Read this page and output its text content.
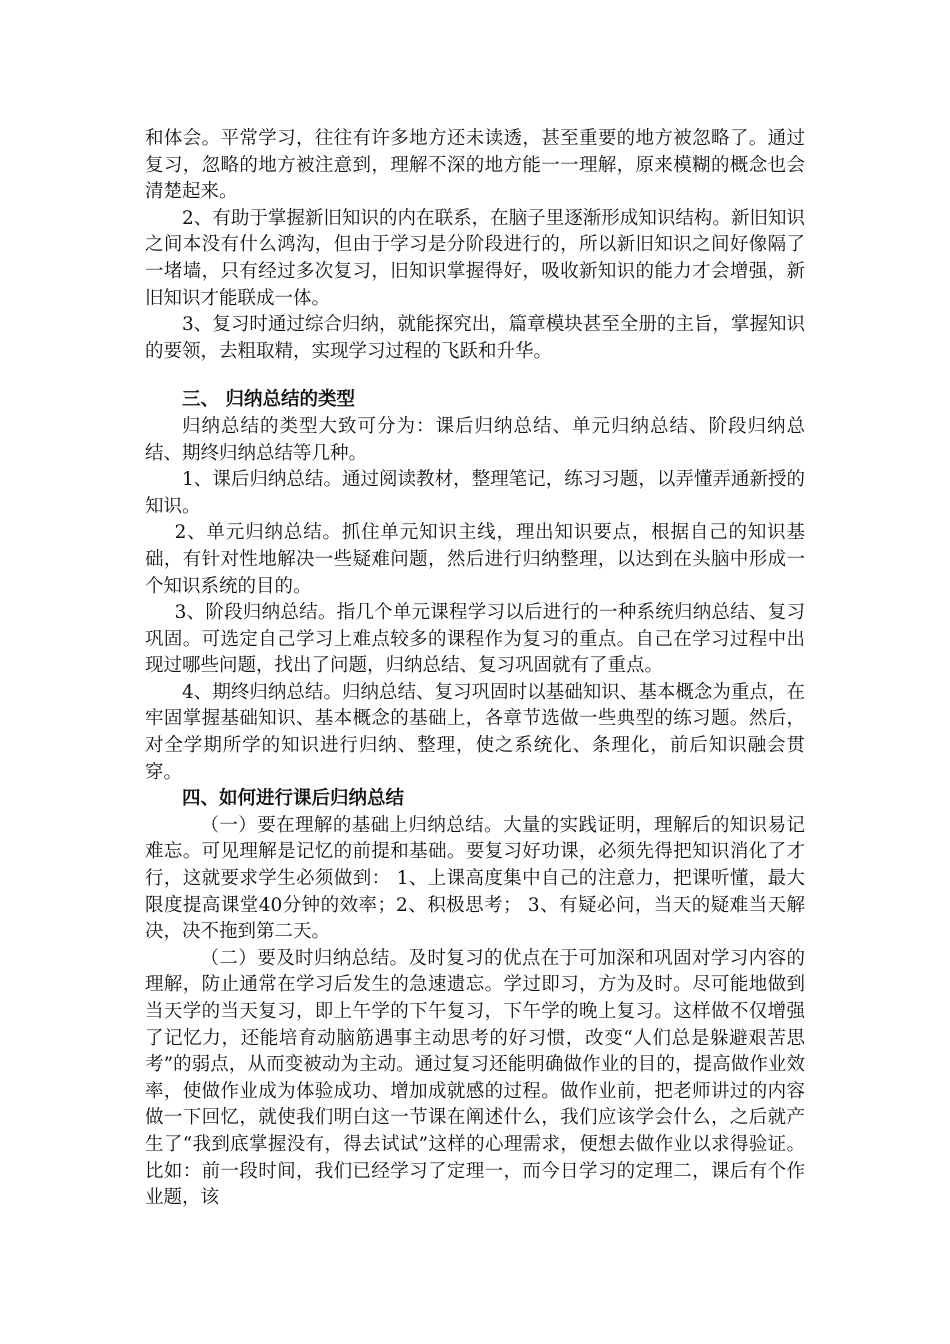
和体会。平常学习，往往有许多地方还未读透，甚至重要的地方被忽略了。通过复习，忽略的地方被注意到，理解不深的地方能一一理解，原来模糊的概念也会清楚起来。

2、有助于掌握新旧知识的内在联系，在脑子里逐渐形成知识结构。新旧知识之间本没有什么鸿沟，但由于学习是分阶段进行的，所以新旧知识之间好像隔了一堵墙，只有经过多次复习，旧知识掌握得好，吸收新知识的能力才会增强，新旧知识才能联成一体。

3、复习时通过综合归纳，就能探究出，篇章模块甚至全册的主旨，掌握知识的要领，去粗取精，实现学习过程的飞跃和升华。

三、 归纳总结的类型

归纳总结的类型大致可分为：课后归纳总结、单元归纳总结、阶段归纳总结、期终归纳总结等几种。

1、课后归纳总结。通过阅读教材，整理笔记，练习习题，以弄懂弄通新授的知识。

2、单元归纳总结。抓住单元知识主线，理出知识要点，根据自己的知识基础，有针对性地解决一些疑难问题，然后进行归纳整理，以达到在头脑中形成一个知识系统的目的。

3、阶段归纳总结。指几个单元课程学习以后进行的一种系统归纳总结、复习巩固。可选定自己学习上难点较多的课程作为复习的重点。自己在学习过程中出现过哪些问题，找出了问题，归纳总结、复习巩固就有了重点。

4、期终归纳总结。归纳总结、复习巩固时以基础知识、基本概念为重点，在牢固掌握基础知识、基本概念的基础上，各章节选做一些典型的练习题。然后，对全学期所学的知识进行归纳、整理，使之系统化、条理化，前后知识融会贯穿。

四、如何进行课后归纳总结

（一）要在理解的基础上归纳总结。大量的实践证明，理解后的知识易记难忘。可见理解是记忆的前提和基础。要复习好功课，必须先得把知识消化了才行，这就要求学生必须做到： 1、上课高度集中自己的注意力，把课听懂，最大限度提高课堂40分钟的效率；2、积极思考； 3、有疑必问，当天的疑难当天解决，决不拖到第二天。

（二）要及时归纳总结。及时复习的优点在于可加深和巩固对学习内容的理解，防止通常在学习后发生的急速遗忘。学过即习，方为及时。尽可能地做到当天学的当天复习，即上午学的下午复习，下午学的晚上复习。这样做不仅增强了记忆力，还能培育动脑筋遇事主动思考的好习惯，改变“人们总是躲避艰苦思考”的弱点，从而变被动为主动。通过复习还能明确做作业的目的，提高做作业效率，使做作业成为体验成功、增加成就感的过程。做作业前，把老师讲过的内容做一下回忆，就使我们明白这一节课在阐述什么，我们应该学会什么，之后就产生了“我到底掌握没有，得去试试”这样的心理需求，便想去做作业以求得验证。比如：前一段时间，我们已经学习了定理一，而今日学习的定理二，课后有个作业题，该
